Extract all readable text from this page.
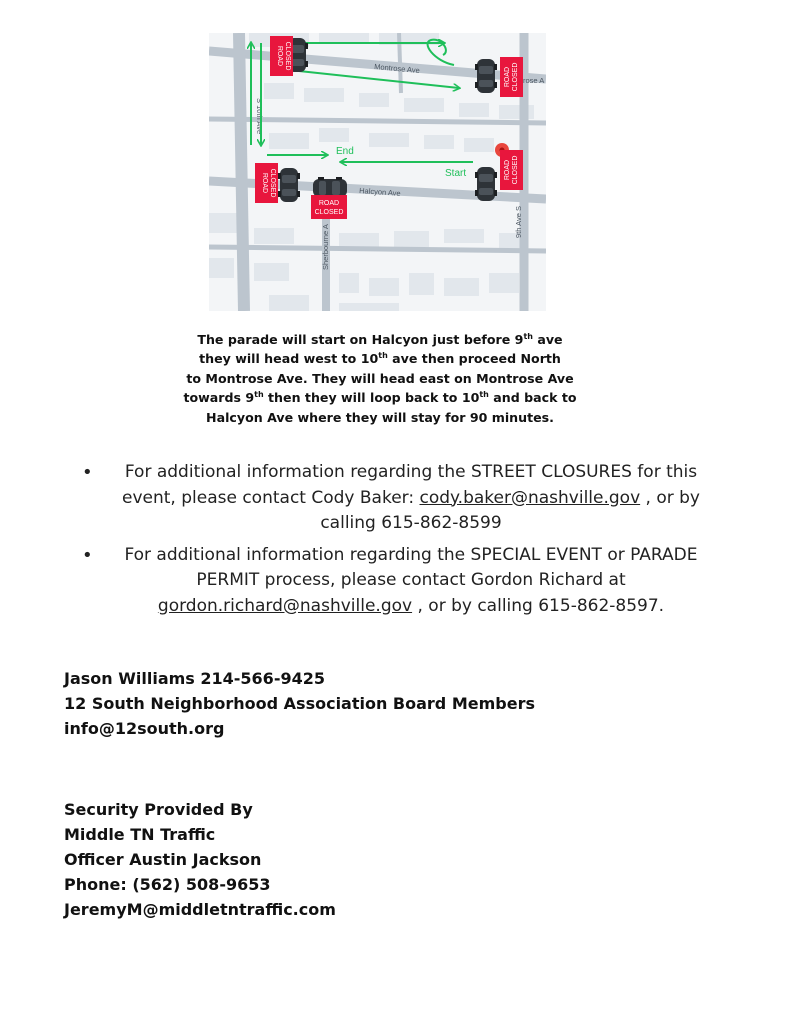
Montrose Ave
rose A
Halcyon Ave
S 10th Ave
Sherbourne A
9th Ave S
End
Start
ROAD CLOSED
ROAD CLOSED
ROAD CLOSED	ROAD CLOSED
ROAD
CLOSED
The parade will start on Halcyon just before 9th ave
they will head west to 10th ave then proceed North
to Montrose Ave. They will head east on Montrose Ave
towards 9th then they will loop back to 10th and back to
Halcyon Ave where they will stay for 90 minutes.
• For additional information regarding the STREET CLOSURES for this event, please contact Cody Baker: cody.baker@nashville.gov , or by calling 615-862-8599
• For additional information regarding the SPECIAL EVENT or PARADE PERMIT process, please contact Gordon Richard at gordon.richard@nashville.gov , or by calling 615-862-8597.
Jason Williams 214-566-9425
12 South Neighborhood Association Board Members
info@12south.org
Security Provided By
Middle TN Traffic
Officer Austin Jackson
Phone: (562) 508-9653
JeremyM@middletntraffic.com
